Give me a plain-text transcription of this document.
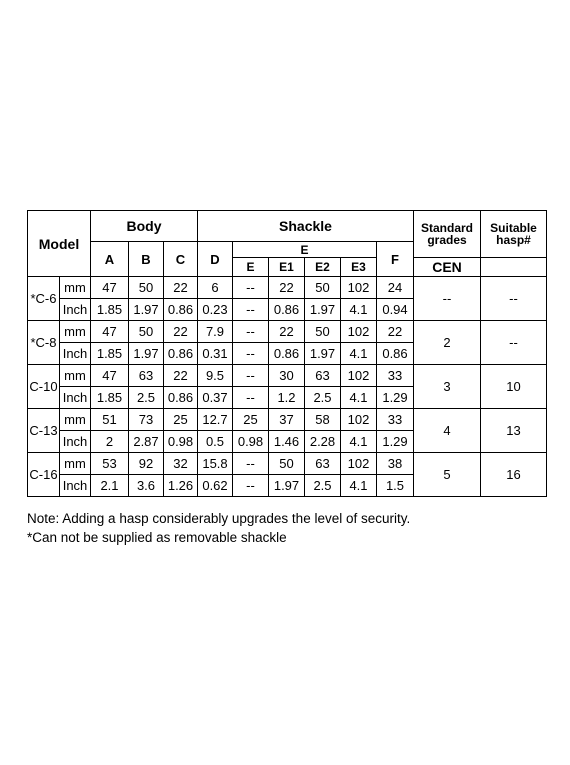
Model		Body			Shackle						Standard grades	Suitable hasp#
		A	B	C	D	E				F		
						E	E1	E2	E3		CEN	
*C-6	mm	47	50	22	6	--	22	50	102	24	--	--
	Inch	1.85	1.97	0.86	0.23	--	0.86	1.97	4.1	0.94		
*C-8	mm	47	50	22	7.9	--	22	50	102	22	2	--
	Inch	1.85	1.97	0.86	0.31	--	0.86	1.97	4.1	0.86		
C-10	mm	47	63	22	9.5	--	30	63	102	33	3	10
	Inch	1.85	2.5	0.86	0.37	--	1.2	2.5	4.1	1.29		
C-13	mm	51	73	25	12.7	25	37	58	102	33	4	13
	Inch	2	2.87	0.98	0.5	0.98	1.46	2.28	4.1	1.29		
C-16	mm	53	92	32	15.8	--	50	63	102	38	5	16
	Inch	2.1	3.6	1.26	0.62	--	1.97	2.5	4.1	1.5		
Note: Adding a hasp considerably upgrades the level of security.
*Can not be supplied as removable shackle
